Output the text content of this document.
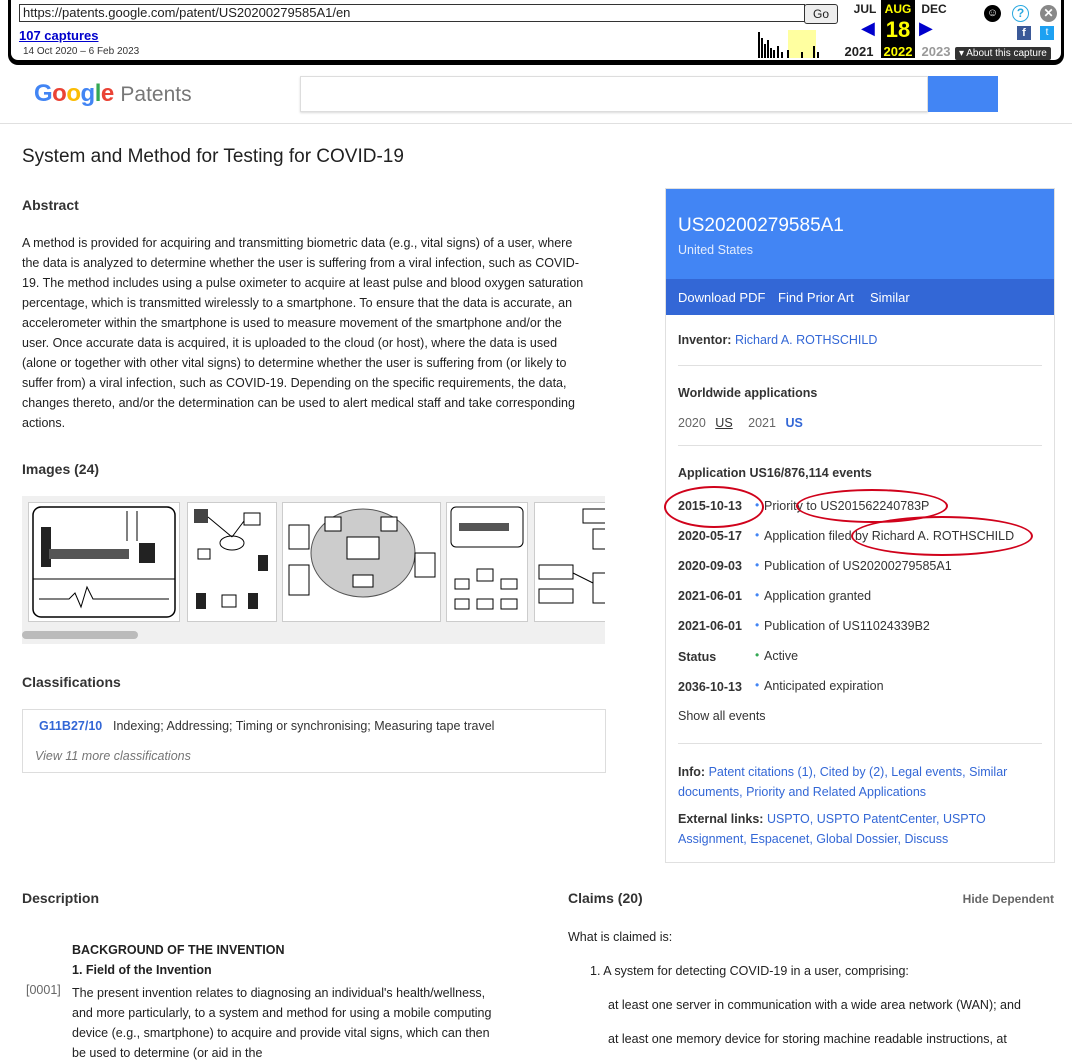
https://patents.google.com/patent/US20200279585A1/en	Go
107 captures
14 Oct 2020 – 6 Feb 2023
JUL AUG
18
DEC
◀ ▶
2021 2022 2023
☺	?	✕
f	t
▾ About this capture
Google Patents
System and Method for Testing for COVID-19
Abstract
A method is provided for acquiring and transmitting biometric data (e.g., vital signs) of a user, where the data is analyzed to determine whether the user is suffering from a viral infection, such as COVID-19. The method includes using a pulse oximeter to acquire at least pulse and blood oxygen saturation percentage, which is transmitted wirelessly to a smartphone. To ensure that the data is accurate, an accelerometer within the smartphone is used to measure movement of the smartphone and/or the user. Once accurate data is acquired, it is uploaded to the cloud (or host), where the data is used (alone or together with other vital signs) to determine whether the user is suffering from (or likely to suffer from) a viral infection, such as COVID-19. Depending on the specific requirements, the data, changes thereto, and/or the determination can be used to alert medical staff and take corresponding actions.
Images (24)
Classifications
G11B27/10 Indexing; Addressing; Timing or synchronising; Measuring tape travel
View 11 more classifications
US20200279585A1
United States
Download PDF Find Prior Art Similar
Inventor: Richard A. ROTHSCHILD
Worldwide applications
2020 US 2021 US
Application US16/876,114 events
2015-10-13 • Priority to US201562240783P
2020-05-17 • Application filed by Richard A. ROTHSCHILD
2020-09-03 • Publication of US20200279585A1
2021-06-01 • Application granted
2021-06-01 • Publication of US11024339B2
Status	• Active
2036-10-13 • Anticipated expiration
Show all events
Info: Patent citations (1), Cited by (2), Legal events, Similar documents, Priority and Related Applications
External links: USPTO, USPTO PatentCenter, USPTO Assignment, Espacenet, Global Dossier, Discuss
Description
BACKGROUND OF THE INVENTION
1. Field of the Invention
[0001] The present invention relates to diagnosing an individual's health/wellness, and more particularly, to a system and method for using a mobile computing device (e.g., smartphone) to acquire and provide vital signs, which can then be used to determine (or aid in the
Claims (20)	Hide Dependent
What is claimed is:
1. A system for detecting COVID-19 in a user, comprising:
at least one server in communication with a wide area network (WAN); and
at least one memory device for storing machine readable instructions, at
